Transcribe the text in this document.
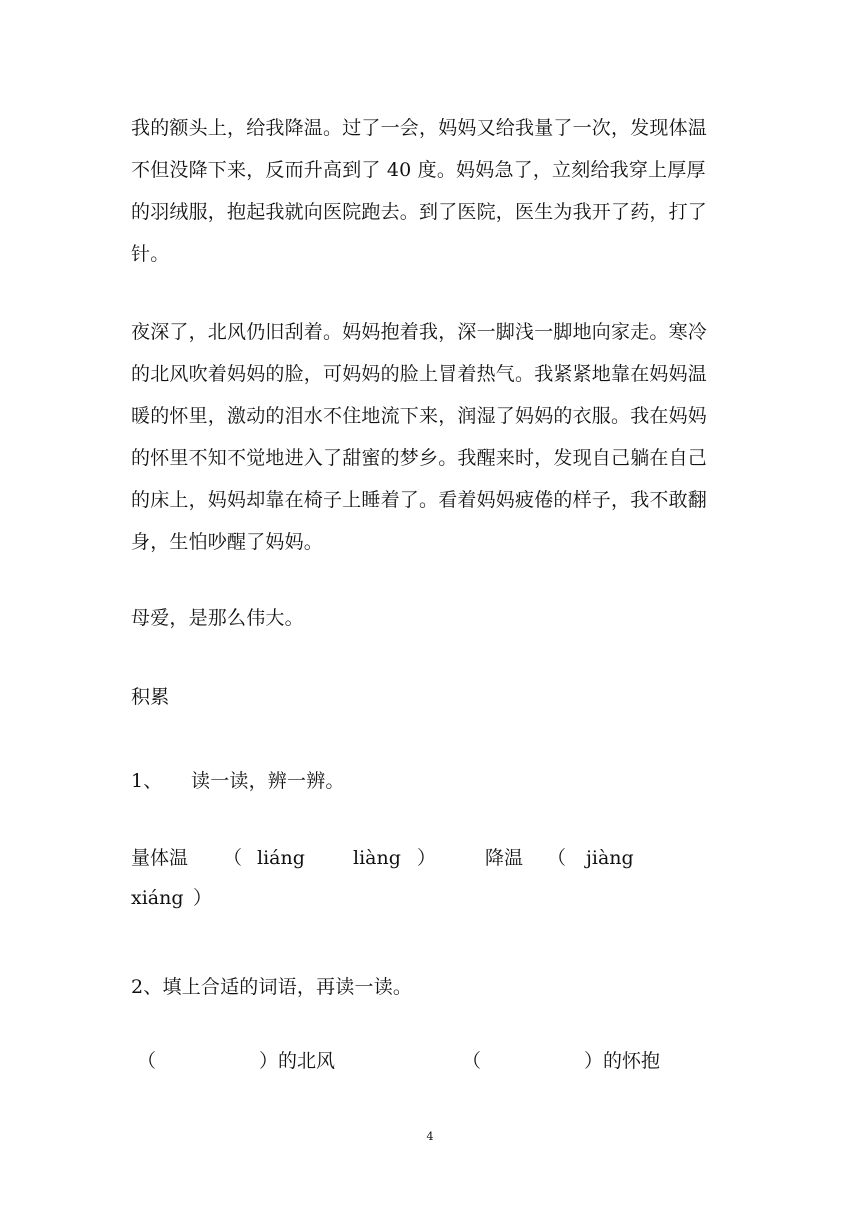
我的额头上，给我降温。过了一会，妈妈又给我量了一次，发现体温
不但没降下来，反而升高到了 40 度。妈妈急了，立刻给我穿上厚厚
的羽绒服，抱起我就向医院跑去。到了医院，医生为我开了药，打了
针。

夜深了，北风仍旧刮着。妈妈抱着我，深一脚浅一脚地向家走。寒冷
的北风吹着妈妈的脸，可妈妈的脸上冒着热气。我紧紧地靠在妈妈温
暖的怀里，激动的泪水不住地流下来，润湿了妈妈的衣服。我在妈妈
的怀里不知不觉地进入了甜蜜的梦乡。我醒来时，发现自己躺在自己
的床上，妈妈却靠在椅子上睡着了。看着妈妈疲倦的样子，我不敢翻
身，生怕吵醒了妈妈。

母爱，是那么伟大。

积累

1、 读一读，辨一辨。

量体温 （ liáng	liàng ）	降温 （ jiàng
xiáng ）

2、填上合适的词语，再读一读。

（	）的北风	（	）的怀抱
4
